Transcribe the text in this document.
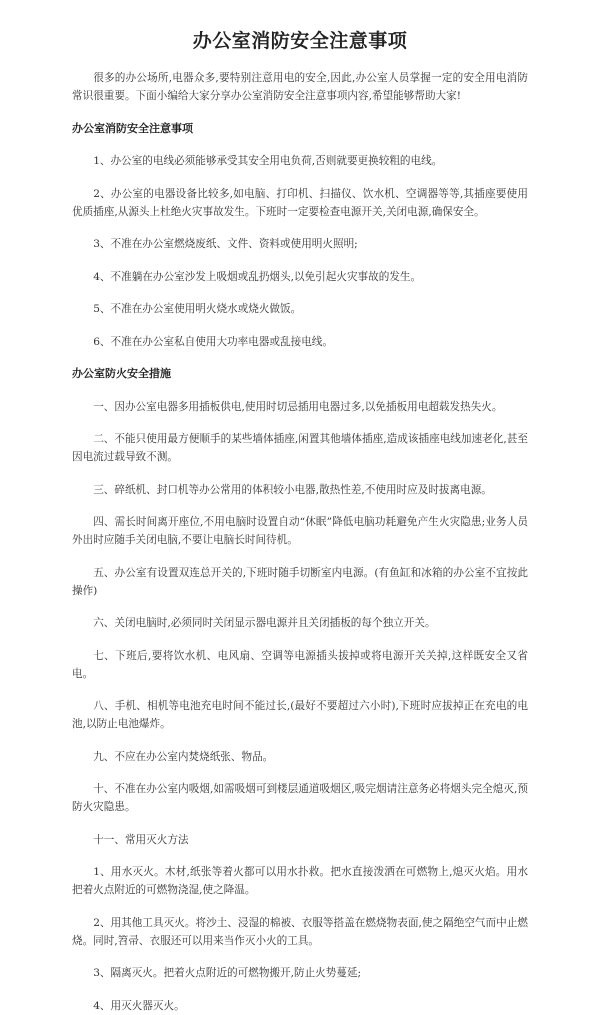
办公室消防安全注意事项

很多的办公场所,电器众多,要特别注意用电的安全,因此,办公室人员掌握一定的安全用电消防常识很重要。下面小编给大家分享办公室消防安全注意事项内容,希望能够帮助大家!

办公室消防安全注意事项

1、办公室的电线必须能够承受其安全用电负荷,否则就要更换较粗的电线。

2、办公室的电器设备比较多,如电脑、打印机、扫描仪、饮水机、空调器等等,其插座要使用优质插座,从源头上杜绝火灾事故发生。下班时一定要检查电源开关,关闭电源,确保安全。

3、不准在办公室燃烧废纸、文件、资料或使用明火照明;

4、不准躺在办公室沙发上吸烟或乱扔烟头,以免引起火灾事故的发生。

5、不准在办公室使用明火烧水或烧火做饭。

6、不准在办公室私自使用大功率电器或乱接电线。

办公室防火安全措施

一、因办公室电器多用插板供电,使用时切忌插用电器过多,以免插板用电超载发热失火。

二、不能只使用最方便顺手的某些墙体插座,闲置其他墙体插座,造成该插座电线加速老化,甚至因电流过载导致不测。

三、碎纸机、封口机等办公常用的体积较小电器,散热性差,不使用时应及时拔离电源。

四、需长时间离开座位,不用电脑时设置自动“休眠”降低电脑功耗避免产生火灾隐患;业务人员外出时应随手关闭电脑,不要让电脑长时间待机。

五、办公室有设置双连总开关的,下班时随手切断室内电源。(有鱼缸和冰箱的办公室不宜按此操作)

六、关闭电脑时,必须同时关闭显示器电源并且关闭插板的每个独立开关。

七、下班后,要将饮水机、电风扇、空调等电源插头拔掉或将电源开关关掉,这样既安全又省电。

八、手机、相机等电池充电时间不能过长,(最好不要超过六小时),下班时应拔掉正在充电的电池,以防止电池爆炸。

九、不应在办公室内焚烧纸张、物品。

十、不准在办公室内吸烟,如需吸烟可到楼层通道吸烟区,吸完烟请注意务必将烟头完全熄灭,预防火灾隐患。

十一、常用灭火方法

1、用水灭火。木材,纸张等着火都可以用水扑救。把水直接泼洒在可燃物上,熄灭火焰。用水把着火点附近的可燃物浇湿,使之降温。

2、用其他工具灭火。将沙土、浸湿的棉被、衣服等搭盖在燃烧物表面,使之隔绝空气而中止燃烧。同时,笤帚、衣服还可以用来当作灭小火的工具。

3、隔离灭火。把着火点附近的可燃物搬开,防止火势蔓延;

4、用灭火器灭火。
